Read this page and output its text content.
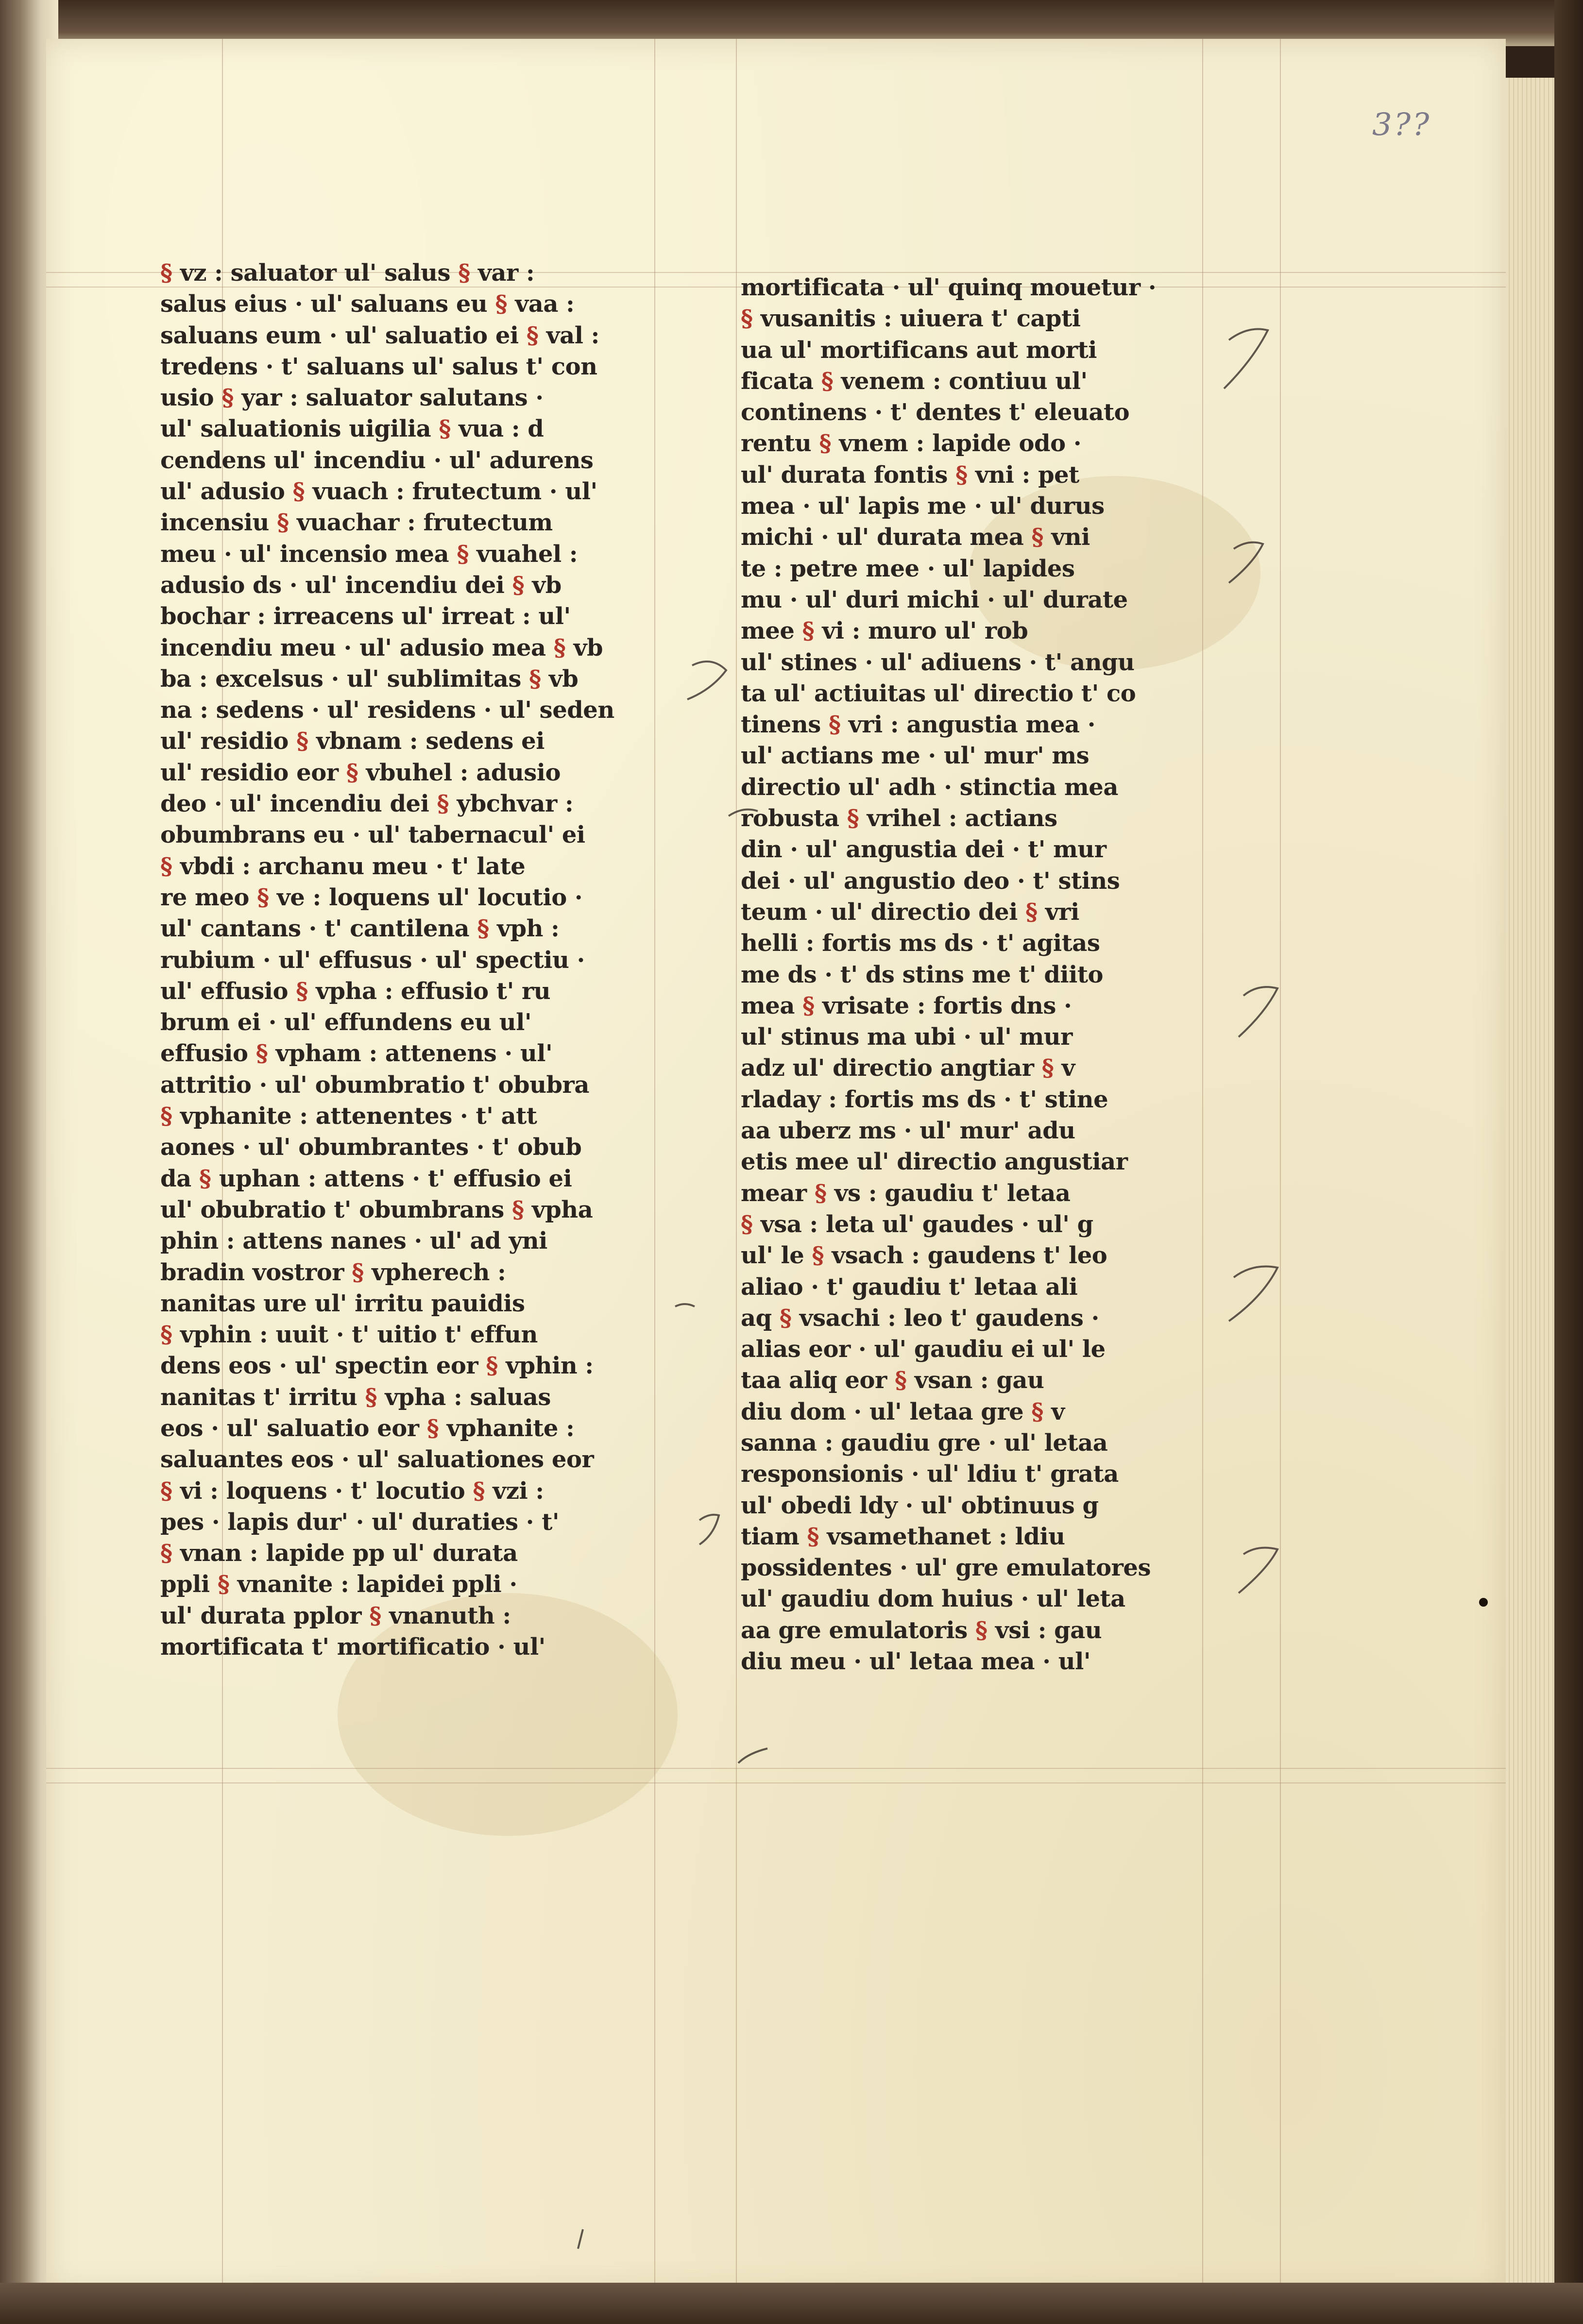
3??
§ vz : saluator ul' salus § var :
salus eius · ul' saluans eu § vaa :
saluans eum · ul' saluatio ei § val :
tredens · t' saluans ul' salus t' con
usio § yar : saluator salutans ·
ul' saluationis uigilia § vua : d
cendens ul' incendiu · ul' adurens
ul' adusio § vuach : frutectum · ul'
incensiu § vuachar : frutectum
meu · ul' incensio mea § vuahel :
adusio ds · ul' incendiu dei § vb
bochar : irreacens ul' irreat : ul'
incendiu meu · ul' adusio mea § vb
ba : excelsus · ul' sublimitas § vb
na : sedens · ul' residens · ul' seden
ul' residio § vbnam : sedens ei
ul' residio eor § vbuhel : adusio
deo · ul' incendiu dei § ybchvar :
obumbrans eu · ul' tabernacul' ei
§ vbdi : archanu meu · t' late
re meo § ve : loquens ul' locutio ·
ul' cantans · t' cantilena § vph :
rubium · ul' effusus · ul' spectiu ·
ul' effusio § vpha : effusio t' ru
brum ei · ul' effundens eu ul'
effusio § vpham : attenens · ul'
attritio · ul' obumbratio t' obubra
§ vphanite : attenentes · t' att
aones · ul' obumbrantes · t' obub
da § uphan : attens · t' effusio ei
ul' obubratio t' obumbrans § vpha
phin : attens nanes · ul' ad yni
bradin vostror § vpherech :
nanitas ure ul' irritu pauidis
§ vphin : uuit · t' uitio t' effun
dens eos · ul' spectin eor § vphin :
nanitas t' irritu § vpha : saluas
eos · ul' saluatio eor § vphanite :
saluantes eos · ul' saluationes eor
§ vi : loquens · t' locutio § vzi :
pes · lapis dur' · ul' duraties · t'
§ vnan : lapide pp ul' durata
ppli § vnanite : lapidei ppli ·
ul' durata pplor § vnanuth :
mortificata t' mortificatio · ul'
mortificata · ul' quinq mouetur ·
§ vusanitis : uiuera t' capti
ua ul' mortificans aut morti
ficata § venem : contiuu ul'
continens · t' dentes t' eleuato
rentu § vnem : lapide odo ·
ul' durata fontis § vni : pet
mea · ul' lapis me · ul' durus
michi · ul' durata mea § vni
te : petre mee · ul' lapides
mu · ul' duri michi · ul' durate
mee § vi : muro ul' rob
ul' stines · ul' adiuens · t' angu
ta ul' actiuitas ul' directio t' co
tinens § vri : angustia mea ·
ul' actians me · ul' mur' ms
directio ul' adh · stinctia mea
robusta § vrihel : actians
din · ul' angustia dei · t' mur
dei · ul' angustio deo · t' stins
teum · ul' directio dei § vri
helli : fortis ms ds · t' agitas
me ds · t' ds stins me t' diito
mea § vrisate : fortis dns ·
ul' stinus ma ubi · ul' mur
adz ul' directio angtiar § v
rladay : fortis ms ds · t' stine
aa uberz ms · ul' mur' adu
etis mee ul' directio angustiar
mear § vs : gaudiu t' letaa
§ vsa : leta ul' gaudes · ul' g
ul' le § vsach : gaudens t' leo
aliao · t' gaudiu t' letaa ali
aq § vsachi : leo t' gaudens ·
alias eor · ul' gaudiu ei ul' le
taa aliq eor § vsan : gau
diu dom · ul' letaa gre § v
sanna : gaudiu gre · ul' letaa
responsionis · ul' ldiu t' grata
ul' obedi ldy · ul' obtinuus g
tiam § vsamethanet : ldiu
possidentes · ul' gre emulatores
ul' gaudiu dom huius · ul' leta
aa gre emulatoris § vsi : gau
diu meu · ul' letaa mea · ul'
